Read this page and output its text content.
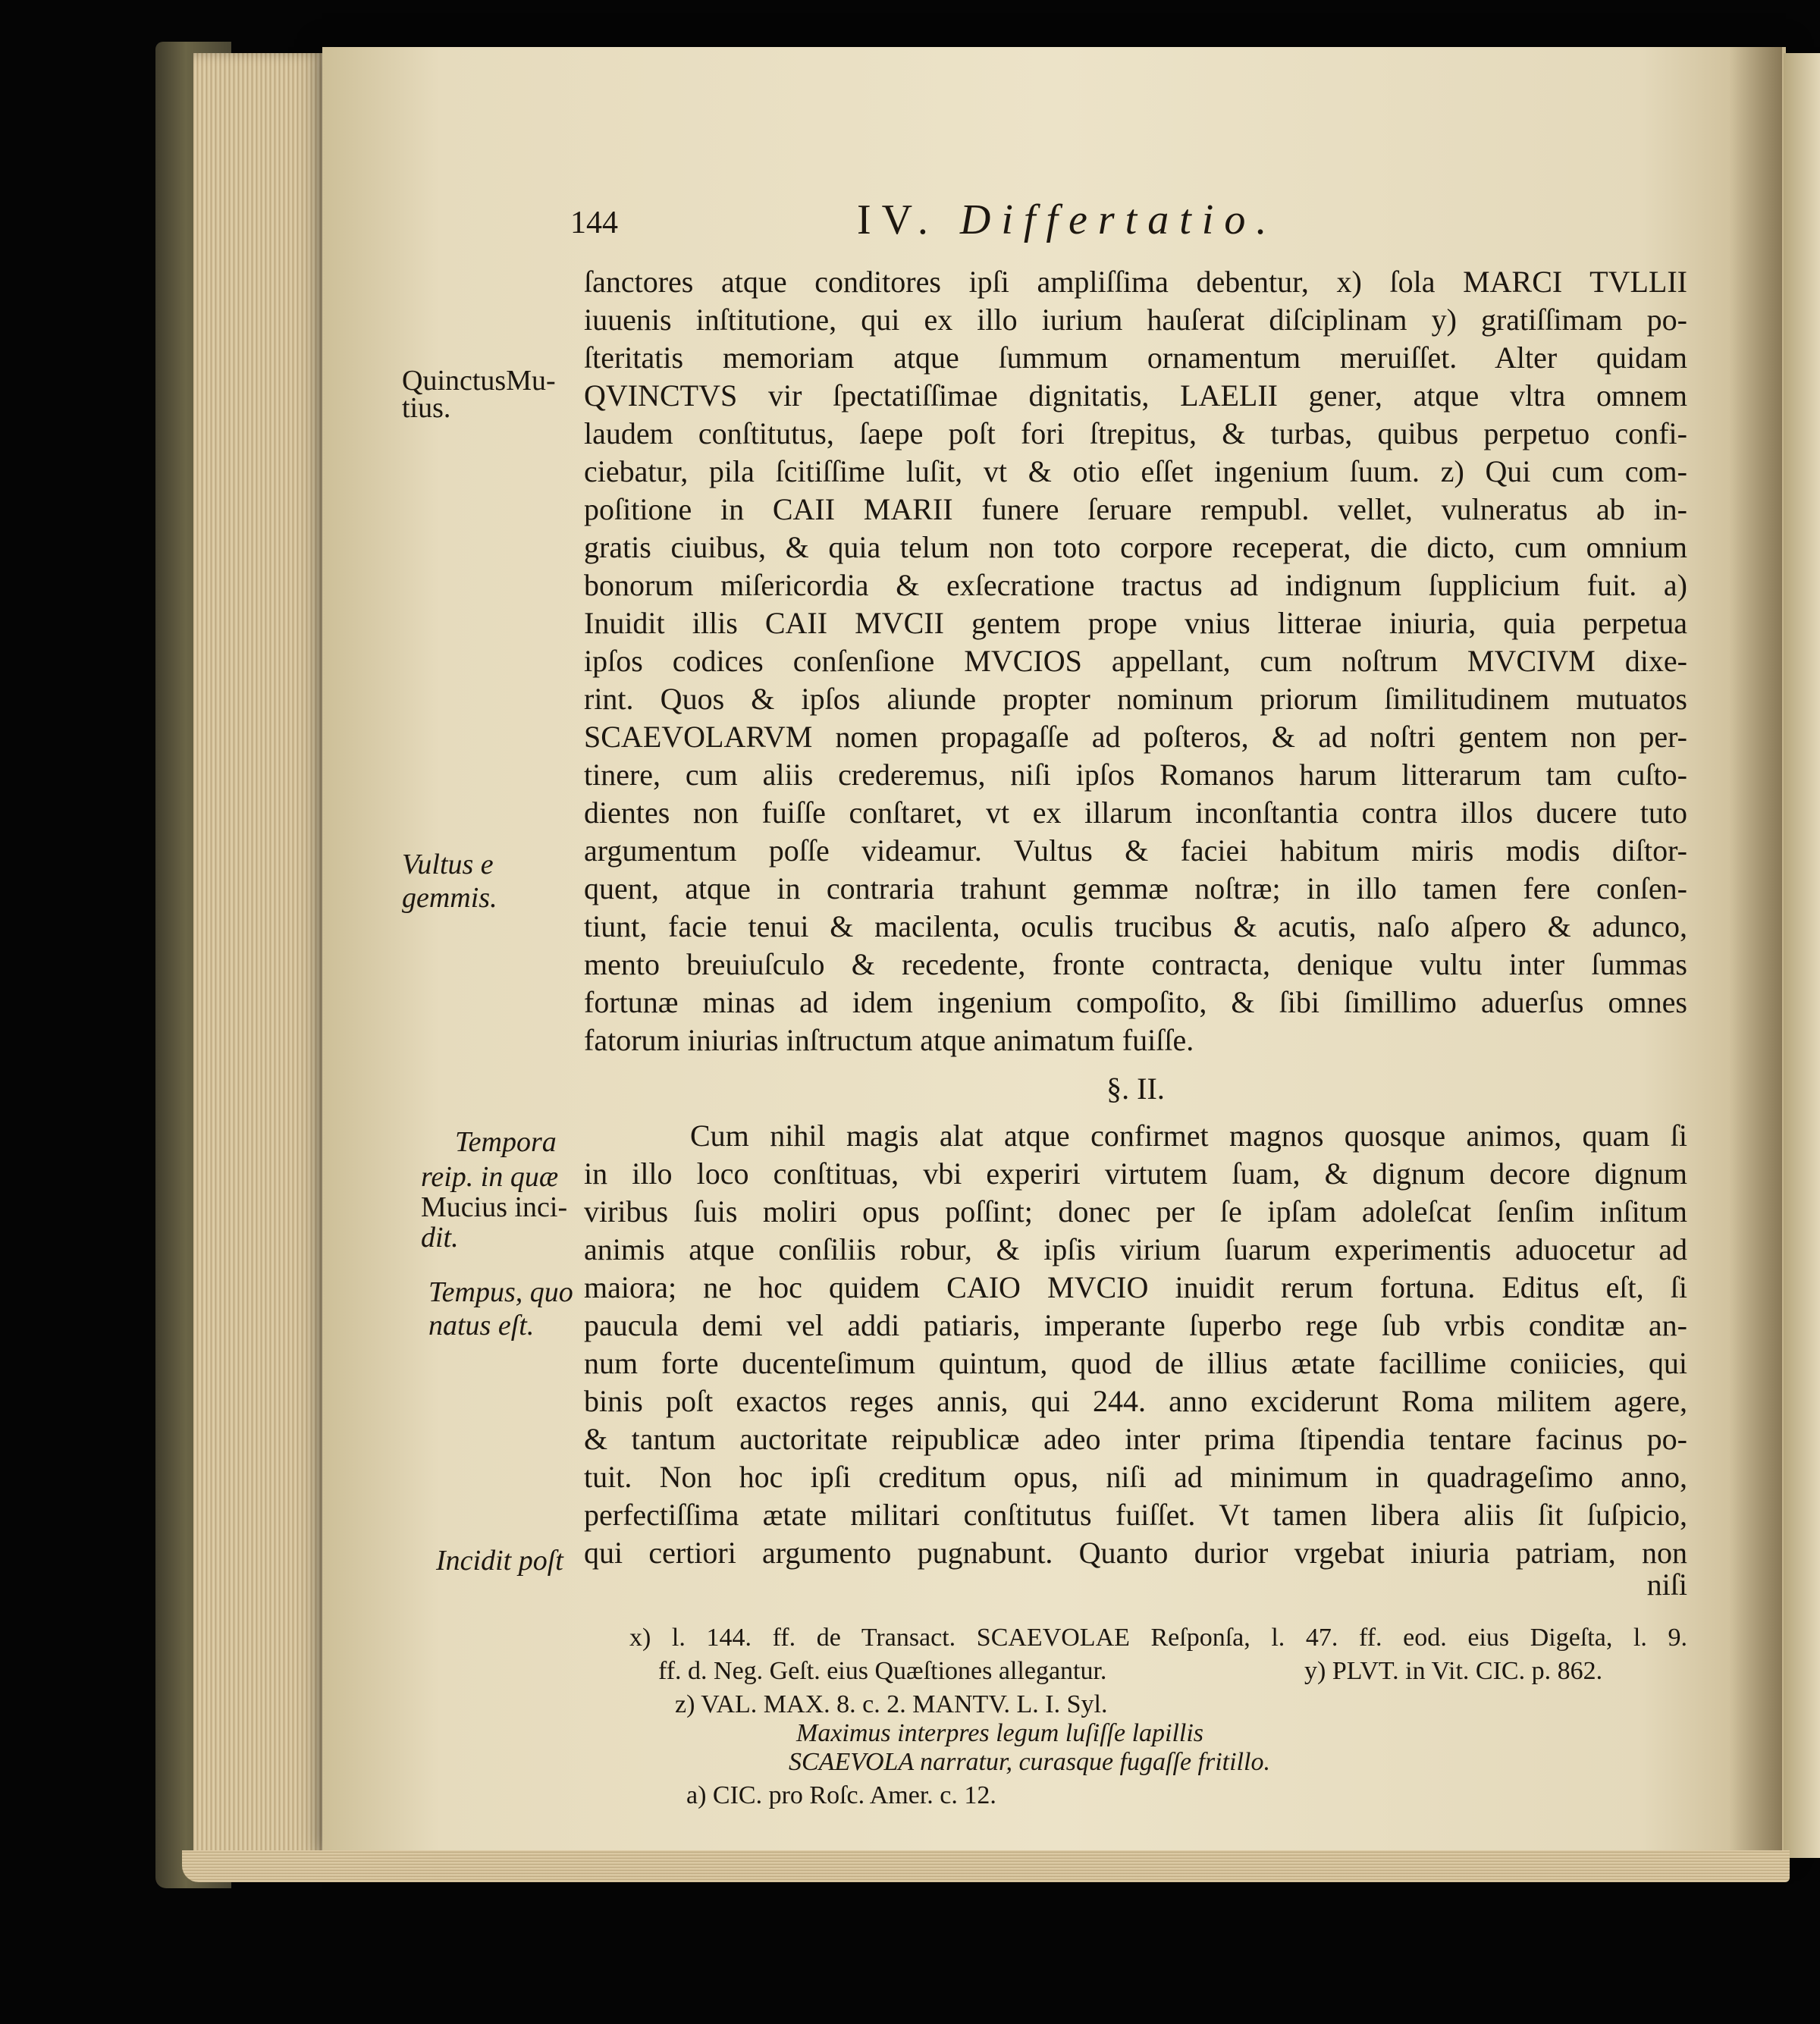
144	IV. Differtatio.
QuinctusMu-
tius.
Vultus e
gemmis.
Tempora
reip. in quæ
Mucius inci-
dit.
Tempus, quo
natus eſt.
Incidit poſt
ſanctores atque conditores ipſi ampliſſima debentur, x) ſola MARCI TVLLII
iuuenis inſtitutione, qui ex illo iurium hauſerat diſciplinam y) gratiſſimam po-
ſteritatis memoriam atque ſummum ornamentum meruiſſet. Alter quidam
QVINCTVS vir ſpectatiſſimae dignitatis, LAELII gener, atque vltra omnem
laudem conſtitutus, ſaepe poſt fori ſtrepitus, & turbas, quibus perpetuo confi-
ciebatur, pila ſcitiſſime luſit, vt & otio eſſet ingenium ſuum. z) Qui cum com-
poſitione in CAII MARII funere ſeruare rempubl. vellet, vulneratus ab in-
gratis ciuibus, & quia telum non toto corpore receperat, die dicto, cum omnium
bonorum miſericordia & exſecratione tractus ad indignum ſupplicium fuit. a)
Inuidit illis CAII MVCII gentem prope vnius litterae iniuria, quia perpetua
ipſos codices conſenſione MVCIOS appellant, cum noſtrum MVCIVM dixe-
rint. Quos & ipſos aliunde propter nominum priorum ſimilitudinem mutuatos
SCAEVOLARVM nomen propagaſſe ad poſteros, & ad noſtri gentem non per-
tinere, cum aliis crederemus, niſi ipſos Romanos harum litterarum tam cuſto-
dientes non fuiſſe conſtaret, vt ex illarum inconſtantia contra illos ducere tuto
argumentum poſſe videamur. Vultus & faciei habitum miris modis diſtor-
quent, atque in contraria trahunt gemmæ noſtræ; in illo tamen fere conſen-
tiunt, facie tenui & macilenta, oculis trucibus & acutis, naſo aſpero & adunco,
mento breuiuſculo & recedente, fronte contracta, denique vultu inter ſummas
fortunæ minas ad idem ingenium compoſito, & ſibi ſimillimo aduerſus omnes
fatorum iniurias inſtructum atque animatum fuiſſe.
§. II.
Cum nihil magis alat atque confirmet magnos quosque animos, quam ſi
in illo loco conſtituas, vbi experiri virtutem ſuam, & dignum decore dignum
viribus ſuis moliri opus poſſint; donec per ſe ipſam adoleſcat ſenſim inſitum
animis atque conſiliis robur, & ipſis virium ſuarum experimentis aduocetur ad
maiora; ne hoc quidem CAIO MVCIO inuidit rerum fortuna. Editus eſt, ſi
paucula demi vel addi patiaris, imperante ſuperbo rege ſub vrbis conditæ an-
num forte ducenteſimum quintum, quod de illius ætate facillime coniicies, qui
binis poſt exactos reges annis, qui 244. anno exciderunt Roma militem agere,
& tantum auctoritate reipublicæ adeo inter prima ſtipendia tentare facinus po-
tuit. Non hoc ipſi creditum opus, niſi ad minimum in quadrageſimo anno,
perfectiſſima ætate militari conſtitutus fuiſſet. Vt tamen libera aliis ſit ſuſpicio,
qui certiori argumento pugnabunt. Quanto durior vrgebat iniuria patriam, non
niſi
x) l. 144. ff. de Transact. SCAEVOLAE Reſponſa, l. 47. ff. eod. eius Digeſta, l. 9.
ff. d. Neg. Geſt. eius Quæſtiones allegantur.	y) PLVT. in Vit. CIC. p. 862.
z) VAL. MAX. 8. c. 2. MANTV. L. I. Syl.
Maximus interpres legum luſiſſe lapillis
SCAEVOLA narratur, curasque fugaſſe fritillo.
a) CIC. pro Roſc. Amer. c. 12.
